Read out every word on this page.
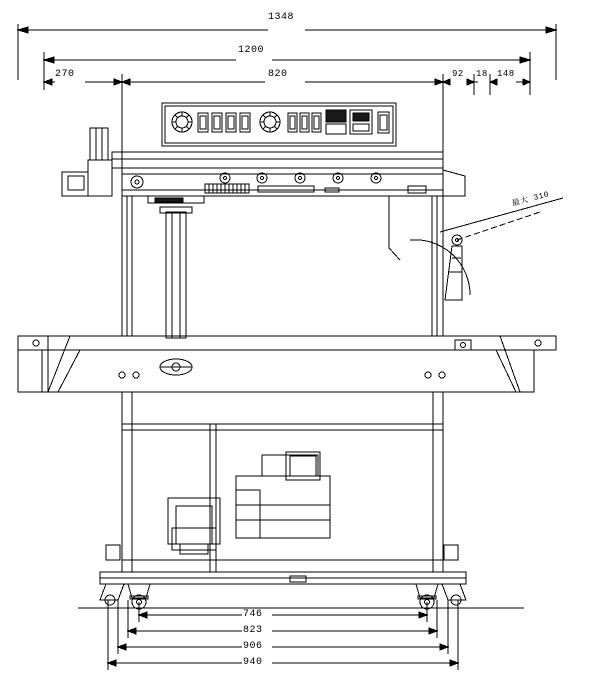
1348
1200
270	820	92 18 148
746
823
906
940
最大 310
